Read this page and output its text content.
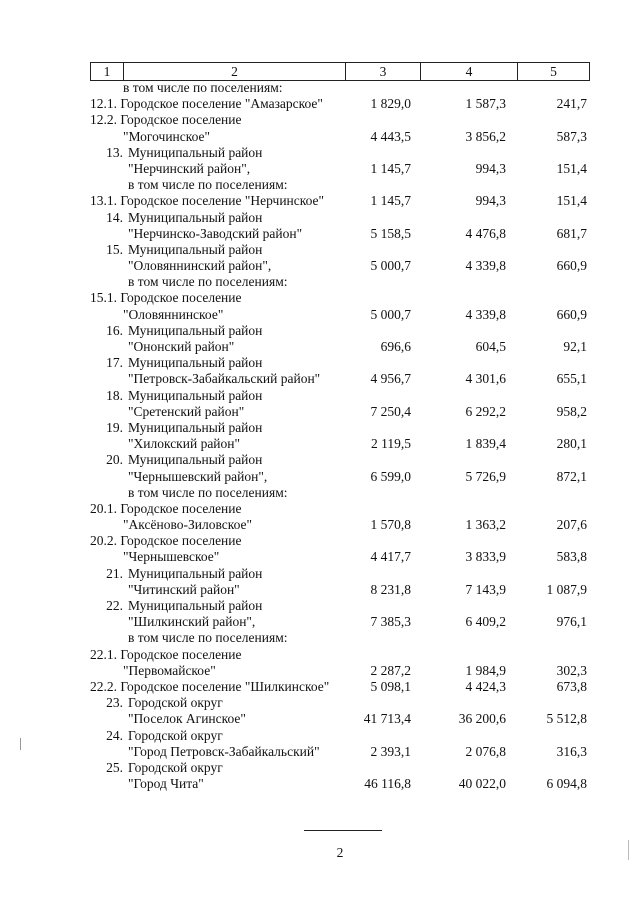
1	2	3	4	5
в том числе по поселениям:
12.1. Городское поселение "Амазарское"	1 829,0	1 587,3	241,7
12.2. Городское поселение
"Могочинское"	4 443,5	3 856,2	587,3
13. Муниципальный район
"Нерчинский район",	1 145,7	994,3	151,4
в том числе по поселениям:
13.1. Городское поселение "Нерчинское"	1 145,7	994,3	151,4
14. Муниципальный район
"Нерчинско-Заводский район"	5 158,5	4 476,8	681,7
15. Муниципальный район
"Оловяннинский район",	5 000,7	4 339,8	660,9
в том числе по поселениям:
15.1. Городское поселение
"Оловяннинское"	5 000,7	4 339,8	660,9
16. Муниципальный район
"Ононский район"	696,6	604,5	92,1
17. Муниципальный район
"Петровск-Забайкальский район"	4 956,7	4 301,6	655,1
18. Муниципальный район
"Сретенский район"	7 250,4	6 292,2	958,2
19. Муниципальный район
"Хилокский район"	2 119,5	1 839,4	280,1
20. Муниципальный район
"Чернышевский район",	6 599,0	5 726,9	872,1
в том числе по поселениям:
20.1. Городское поселение
"Аксёново-Зиловское"	1 570,8	1 363,2	207,6
20.2. Городское поселение
"Чернышевское"	4 417,7	3 833,9	583,8
21. Муниципальный район
"Читинский район"	8 231,8	7 143,9	1 087,9
22. Муниципальный район
"Шилкинский район",	7 385,3	6 409,2	976,1
в том числе по поселениям:
22.1. Городское поселение
"Первомайское"	2 287,2	1 984,9	302,3
22.2. Городское поселение "Шилкинское"	5 098,1	4 424,3	673,8
23. Городской округ
"Поселок Агинское"	41 713,4	36 200,6	5 512,8
24. Городской округ
"Город Петровск-Забайкальский"	2 393,1	2 076,8	316,3
25. Городской округ
"Город Чита"	46 116,8	40 022,0	6 094,8
2
